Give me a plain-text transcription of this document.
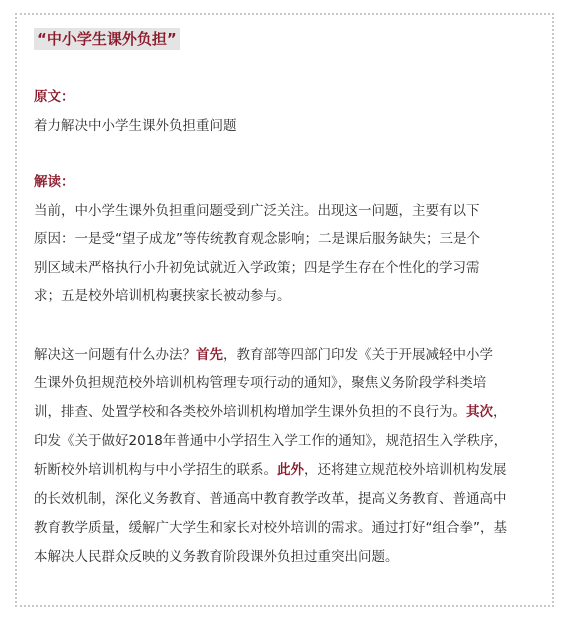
“中小学生课外负担”
原文：
着力解决中小学生课外负担重问题
解读：
当前，中小学生课外负担重问题受到广泛关注。出现这一问题，主要有以下
原因：一是受“望子成龙”等传统教育观念影响；二是课后服务缺失；三是个
别区域未严格执行小升初免试就近入学政策；四是学生存在个性化的学习需
求；五是校外培训机构裹挟家长被动参与。
解决这一问题有什么办法？首先，教育部等四部门印发《关于开展减轻中小学
生课外负担规范校外培训机构管理专项行动的通知》，聚焦义务阶段学科类培
训，排查、处置学校和各类校外培训机构增加学生课外负担的不良行为。其次，
印发《关于做好2018年普通中小学招生入学工作的通知》，规范招生入学秩序，
斩断校外培训机构与中小学招生的联系。此外，还将建立规范校外培训机构发展
的长效机制，深化义务教育、普通高中教育教学改革，提高义务教育、普通高中
教育教学质量，缓解广大学生和家长对校外培训的需求。通过打好“组合拳”，基
本解决人民群众反映的义务教育阶段课外负担过重突出问题。
